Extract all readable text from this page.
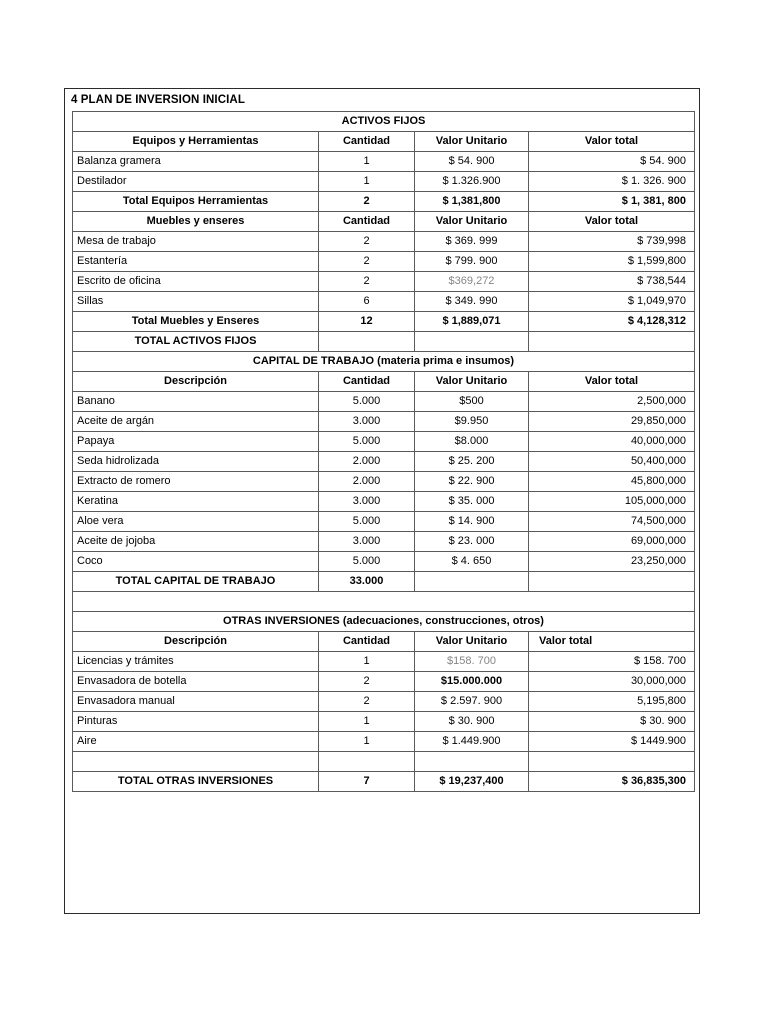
4 PLAN DE INVERSION INICIAL
ACTIVOS FIJOS			
Equipos y Herramientas	Cantidad	Valor Unitario	Valor total
Balanza gramera	1	$ 54. 900	$ 54. 900
Destilador	1	$ 1.326.900	$ 1. 326. 900
Total Equipos Herramientas	2	$ 1,381,800	$ 1, 381, 800
Muebles y enseres	Cantidad	Valor Unitario	Valor total
Mesa de trabajo	2	$ 369. 999	$ 739,998
Estantería	2	$ 799. 900	$ 1,599,800
Escrito de oficina	2	$369,272	$ 738,544
Sillas	6	$ 349. 990	$ 1,049,970
Total Muebles y Enseres	12	$ 1,889,071	$ 4,128,312
TOTAL ACTIVOS FIJOS			
CAPITAL DE TRABAJO (materia prima e insumos)			
Descripción	Cantidad	Valor Unitario	Valor total
Banano	5.000	$500	2,500,000
Aceite de argán	3.000	$9.950	29,850,000
Papaya	5.000	$8.000	40,000,000
Seda hidrolizada	2.000	$ 25. 200	50,400,000
Extracto de romero	2.000	$ 22. 900	45,800,000
Keratina	3.000	$ 35. 000	105,000,000
Aloe vera	5.000	$ 14. 900	74,500,000
Aceite de jojoba	3.000	$ 23. 000	69,000,000
Coco	5.000	$ 4. 650	23,250,000
TOTAL CAPITAL DE TRABAJO	33.000		

OTRAS INVERSIONES (adecuaciones, construcciones, otros)			
Descripción	Cantidad	Valor Unitario	Valor total
Licencias y trámites	1	$158. 700	$ 158. 700
Envasadora de botella	2	$15.000.000	30,000,000
Envasadora manual	2	$ 2.597. 900	5,195,800
Pinturas	1	$ 30. 900	$ 30. 900
Aire	1	$ 1.449.900	$ 1449.900

TOTAL OTRAS INVERSIONES	7	$ 19,237,400	$ 36,835,300
